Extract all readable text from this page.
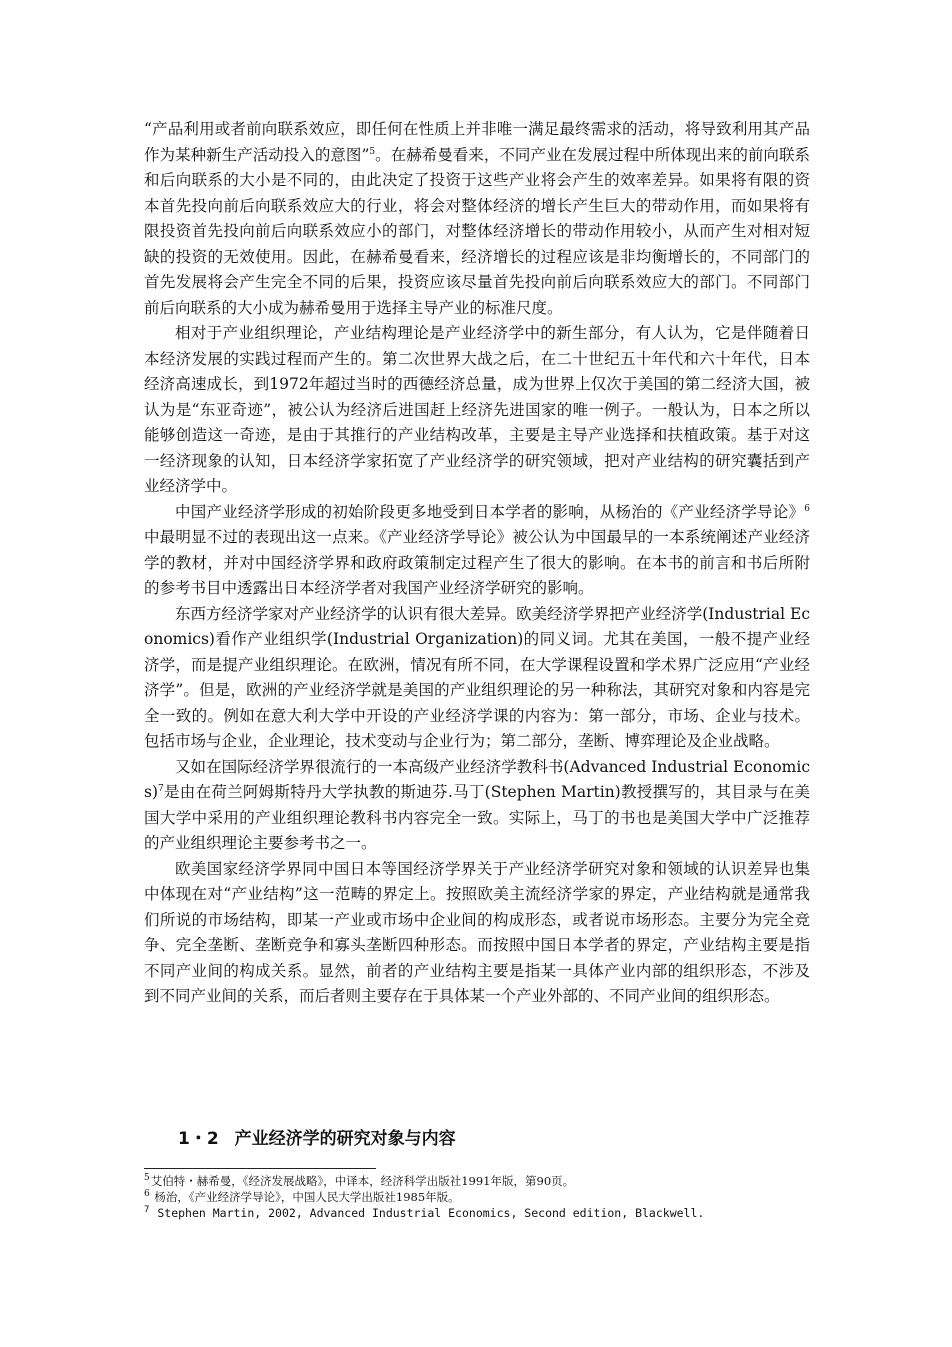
“产品利用或者前向联系效应，即任何在性质上并非唯一满足最终需求的活动，将导致利用其产品作为某种新生产活动投入的意图”$^5$。在赫希曼看来，不同产业在发展过程中所体现出来的前向联系和后向联系的大小是不同的，由此决定了投资于这些产业将会产生的效率差异。如果将有限的资本首先投向前后向联系效应大的行业，将会对整体经济的增长产生巨大的带动作用，而如果将有限投资首先投向前后向联系效应小的部门，对整体经济增长的带动作用较小，从而产生对相对短缺的投资的无效使用。因此，在赫希曼看来，经济增长的过程应该是非均衡增长的，不同部门的首先发展将会产生完全不同的后果，投资应该尽量首先投向前后向联系效应大的部门。不同部门前后向联系的大小成为赫希曼用于选择主导产业的标准尺度。

相对于产业组织理论，产业结构理论是产业经济学中的新生部分，有人认为，它是伴随着日本经济发展的实践过程而产生的。第二次世界大战之后，在二十世纪五十年代和六十年代，日本经济高速成长，到1972年超过当时的西德经济总量，成为世界上仅次于美国的第二经济大国，被认为是“东亚奇迹”，被公认为经济后进国赶上经济先进国家的唯一例子。一般认为，日本之所以能够创造这一奇迹，是由于其推行的产业结构改革，主要是主导产业选择和扶植政策。基于对这一经济现象的认知，日本经济学家拓宽了产业经济学的研究领域，把对产业结构的研究囊括到产业经济学中。

中国产业经济学形成的初始阶段更多地受到日本学者的影响，从杨治的《产业经济学导论》$^6$中最明显不过的表现出这一点来。《产业经济学导论》被公认为中国最早的一本系统阐述产业经济学的教材，并对中国经济学界和政府政策制定过程产生了很大的影响。在本书的前言和书后所附的参考书目中透露出日本经济学者对我国产业经济学研究的影响。

东西方经济学家对产业经济学的认识有很大差异。欧美经济学界把产业经济学(Industrial Economics)看作产业组织学(Industrial Organization)的同义词。尤其在美国，一般不提产业经济学，而是提产业组织理论。在欧洲，情况有所不同，在大学课程设置和学术界广泛应用“产业经济学”。但是，欧洲的产业经济学就是美国的产业组织理论的另一种称法，其研究对象和内容是完全一致的。例如在意大利大学中开设的产业经济学课的内容为：第一部分，市场、企业与技术。包括市场与企业，企业理论，技术变动与企业行为；第二部分，垄断、博弈理论及企业战略。

又如在国际经济学界很流行的一本高级产业经济学教科书(Advanced Industrial Economics)$^7$是由在荷兰阿姆斯特丹大学执教的斯迪芬.马丁(Stephen Martin)教授撰写的，其目录与在美国大学中采用的产业组织理论教科书内容完全一致。实际上，马丁的书也是美国大学中广泛推荐的产业组织理论主要参考书之一。

欧美国家经济学界同中国日本等国经济学界关于产业经济学研究对象和领域的认识差异也集中体现在对“产业结构”这一范畴的界定上。按照欧美主流经济学家的界定，产业结构就是通常我们所说的市场结构，即某一产业或市场中企业间的构成形态，或者说市场形态。主要分为完全竞争、完全垄断、垄断竞争和寡头垄断四种形态。而按照中国日本学者的界定，产业结构主要是指不同产业间的构成关系。显然，前者的产业结构主要是指某一具体产业内部的组织形态，不涉及到不同产业间的关系，而后者则主要存在于具体某一个产业外部的、不同产业间的组织形态。

1・2 产业经济学的研究对象与内容
$^5$艾伯特・赫希曼，《经济发展战略》，中译本，经济科学出版社1991年版，第90页。
$^6$ 杨治，《产业经济学导论》，中国人民大学出版社1985年版。
$^7$ Stephen Martin, 2002, Advanced Industrial Economics, Second edition, Blackwell.
